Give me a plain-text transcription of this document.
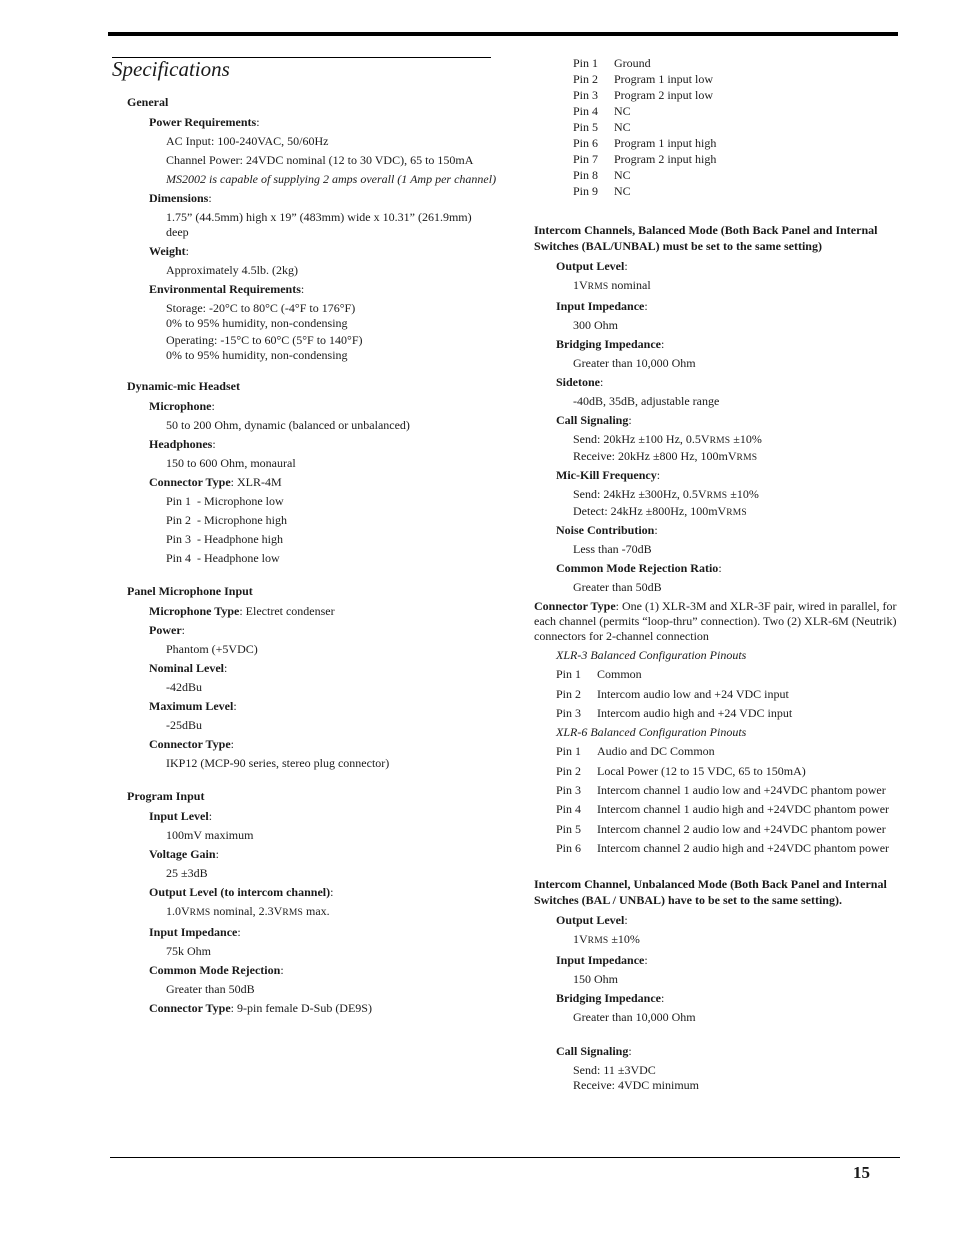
Specifications
General
Power Requirements:
AC Input: 100-240VAC, 50/60Hz
Channel Power: 24VDC nominal (12 to 30 VDC), 65 to 150mA
MS2002 is capable of supplying 2 amps overall (1 Amp per channel)
Dimensions:
1.75” (44.5mm) high x 19” (483mm) wide x 10.31” (261.9mm) deep
Weight:
Approximately 4.5lb. (2kg)
Environmental Requirements:
Storage: -20°C to 80°C (-4°F to 176°F)
0% to 95% humidity, non-condensing
Operating: -15°C to 60°C (5°F to 140°F)
0% to 95% humidity, non-condensing
Dynamic-mic Headset
Microphone:
50 to 200 Ohm, dynamic (balanced or unbalanced)
Headphones:
150 to 600 Ohm, monaural
Connector Type: XLR-4M
Pin 1  - Microphone low
Pin 2  - Microphone high
Pin 3  - Headphone high
Pin 4  - Headphone low
Panel Microphone Input
Microphone Type: Electret condenser
Power:
Phantom (+5VDC)
Nominal Level:
-42dBu
Maximum Level:
-25dBu
Connector Type:
IKP12 (MCP-90 series, stereo plug connector)
Program Input
Input Level:
100mV maximum
Voltage Gain:
25 ±3dB
Output Level (to intercom channel):
1.0VRMS nominal, 2.3VRMS max.
Input Impedance:
75k Ohm
Common Mode Rejection:
Greater than 50dB
Connector Type: 9-pin female D-Sub (DE9S)
Pin 1	Ground
Pin 2	Program 1 input low
Pin 3	Program 2 input low
Pin 4	NC
Pin 5	NC
Pin 6	Program 1 input high
Pin 7	Program 2 input high
Pin 8	NC
Pin 9	NC
Intercom Channels, Balanced Mode (Both Back Panel and Internal Switches (BAL/UNBAL) must be set to the same setting)
Output Level:
1VRMS nominal
Input Impedance:
300 Ohm
Bridging Impedance:
Greater than 10,000 Ohm
Sidetone:
-40dB, 35dB, adjustable range
Call Signaling:
Send: 20kHz ±100 Hz, 0.5VRMS ±10%
Receive: 20kHz ±800 Hz, 100mVRMS
Mic-Kill Frequency:
Send: 24kHz ±300Hz, 0.5VRMS ±10%
Detect: 24kHz ±800Hz, 100mVRMS
Noise Contribution:
Less than -70dB
Common Mode Rejection Ratio:
Greater than 50dB
Connector Type: One (1) XLR-3M and XLR-3F pair, wired in parallel, for each channel (permits “loop-thru” connection). Two (2) XLR-6M (Neutrik) connectors for 2-channel connection
XLR-3 Balanced Configuration Pinouts
Pin 1	Common
Pin 2	Intercom audio low and +24 VDC input
Pin 3	Intercom audio high and +24 VDC input
XLR-6 Balanced Configuration Pinouts
Pin 1	Audio and DC Common
Pin 2	Local Power (12 to 15 VDC, 65 to 150mA)
Pin 3	Intercom channel 1 audio low and +24VDC phantom power
Pin 4	Intercom channel 1 audio high and +24VDC phantom power
Pin 5	Intercom channel 2 audio low and +24VDC phantom power
Pin 6	Intercom channel 2 audio high and +24VDC phantom power
Intercom Channel, Unbalanced Mode (Both Back Panel and Internal Switches (BAL / UNBAL) have to be set to the same setting).
Output Level:
1VRMS ±10%
Input Impedance:
150 Ohm
Bridging Impedance:
Greater than 10,000 Ohm
Call Signaling:
Send: 11 ±3VDC
Receive: 4VDC minimum
15
